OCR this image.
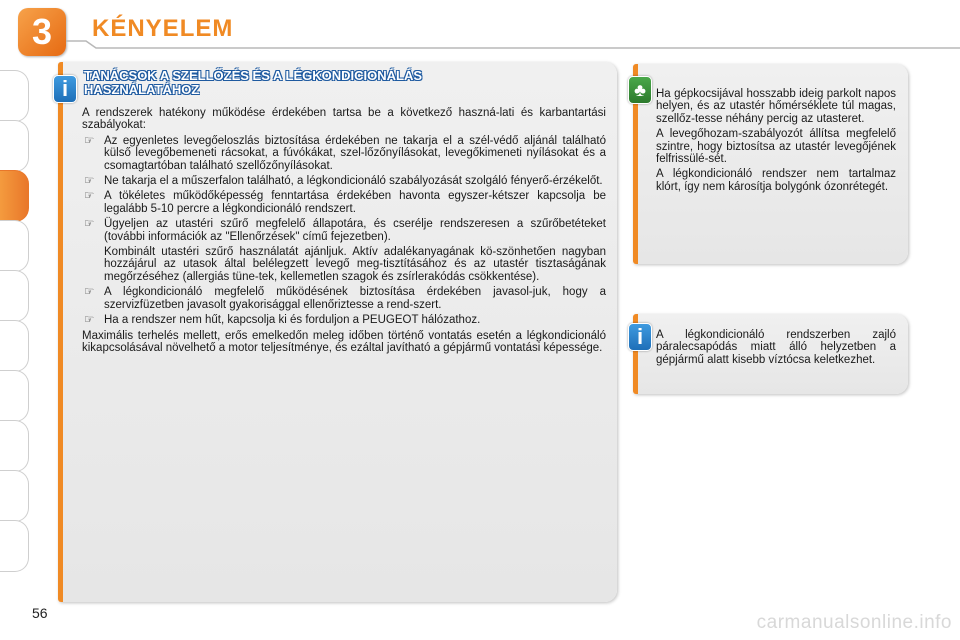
3	KÉNYELEM
i
TANÁCSOK A SZELLŐZÉS ÉS A LÉGKONDICIONÁLÁS
HASZNÁLATÁHOZ

A rendszerek hatékony működése érdekében tartsa be a következő haszná-lati és karbantartási szabályokat:

☞ Az egyenletes levegőeloszlás biztosítása érdekében ne takarja el a szél-védő aljánál található külső levegőbemeneti rácsokat, a fúvókákat, szel-lőzőnyílásokat, levegőkimeneti nyílásokat és a csomagtartóban található szellőzőnyílásokat.
☞ Ne takarja el a műszerfalon található, a légkondicionáló szabályozását szolgáló fényerő-érzékelőt.
☞ A tökéletes működőképesség fenntartása érdekében havonta egyszer-kétszer kapcsolja be legalább 5-10 percre a légkondicionáló rendszert.
☞ Ügyeljen az utastéri szűrő megfelelő állapotára, és cserélje rendszeresen a szűrőbetéteket (további információk az "Ellenőrzések" című fejezetben).
Kombinált utastéri szűrő használatát ajánljuk. Aktív adalékanyagának kö-szönhetően nagyban hozzájárul az utasok által belélegzett levegő meg-tisztításához és az utastér tisztaságának megőrzéséhez (allergiás tüne-tek, kellemetlen szagok és zsírlerakódás csökkentése).
☞ A légkondicionáló megfelelő működésének biztosítása érdekében javasol-juk, hogy a szervizfüzetben javasolt gyakorisággal ellenőriztesse a rend-szert.
☞ Ha a rendszer nem hűt, kapcsolja ki és forduljon a PEUGEOT hálózathoz.

Maximális terhelés mellett, erős emelkedőn meleg időben történő vontatás esetén a légkondicionáló kikapcsolásával növelhető a motor teljesítménye, és ezáltal javítható a gépjármű vontatási képessége.

♣ Ha gépkocsijával hosszabb ideig parkolt napos helyen, és az utastér hőmérséklete túl magas, szellőz-tesse néhány percig az utasteret.

A levegőhozam-szabályozót állítsa megfelelő szintre, hogy biztosítsa az utastér levegőjének felfrissülé-sét.

A légkondicionáló rendszer nem tartalmaz klórt, így nem károsítja bolygónk ózonrétegét.

i	A légkondicionáló rendszerben zajló páralecsapódás miatt álló helyzetben a gépjármű alatt kisebb víztócsa keletkezhet.

56	carmanualsonline.info
